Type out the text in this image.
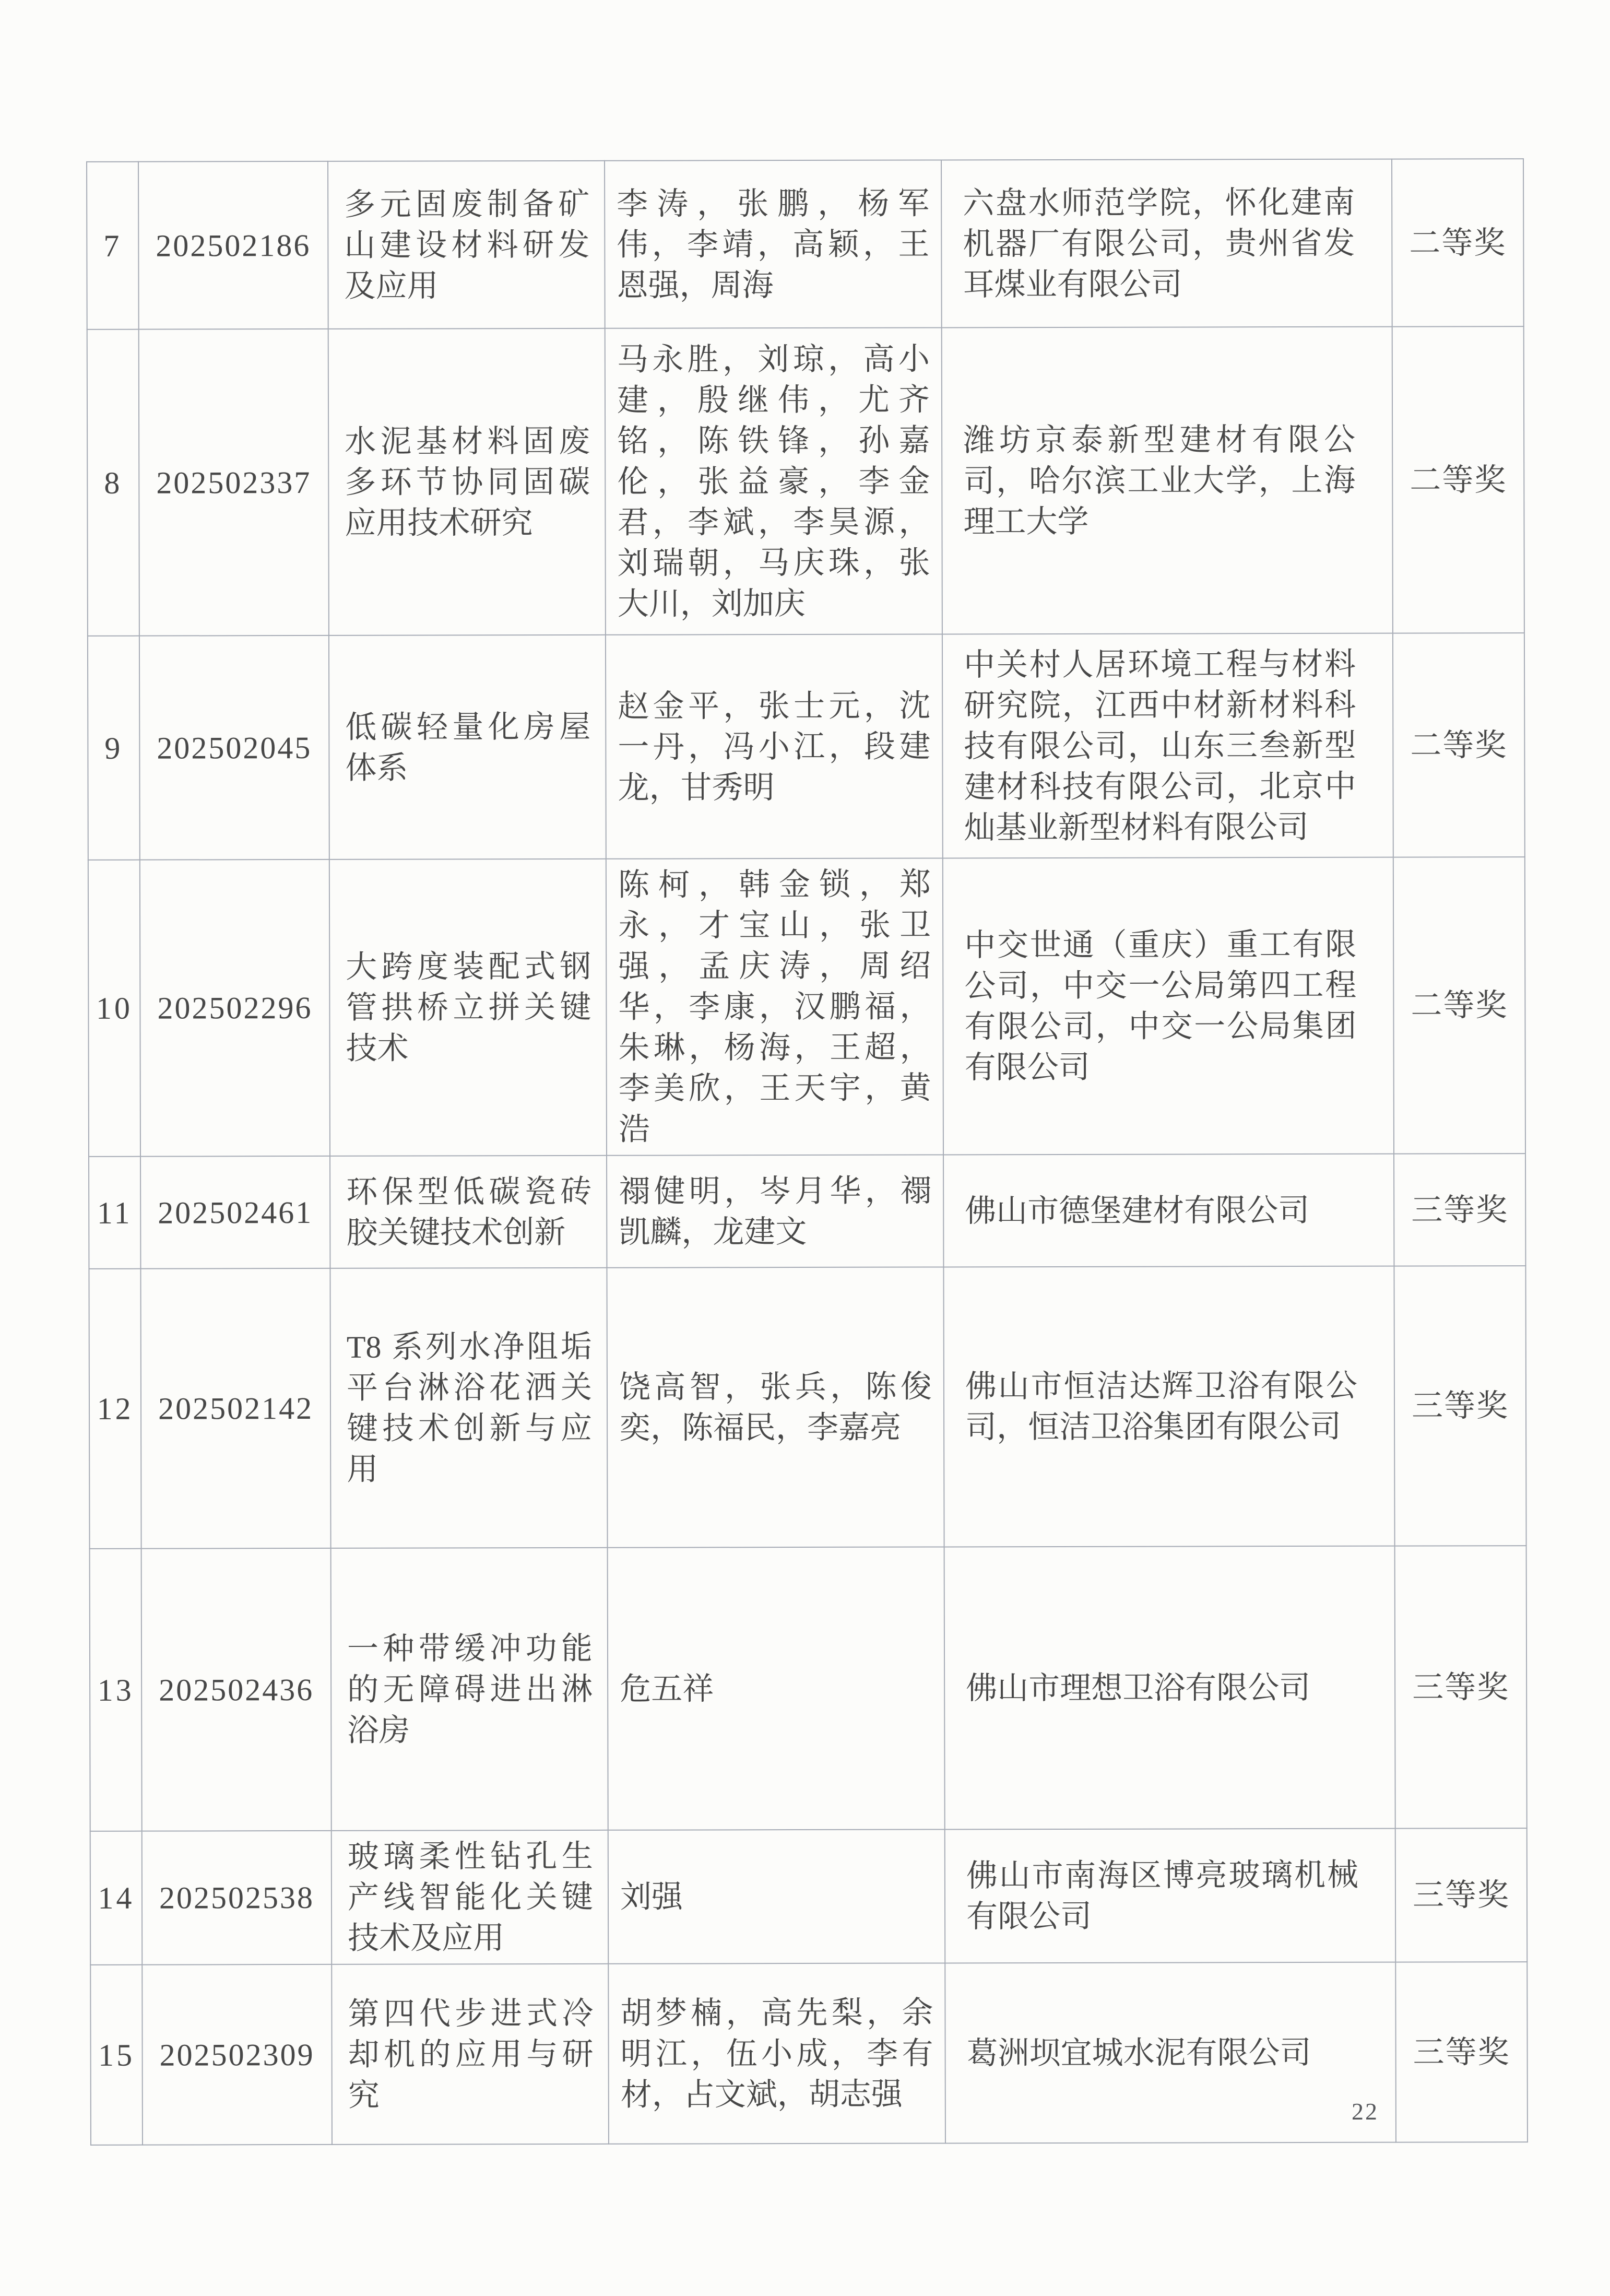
7	202502186	多元固废制备矿山建设材料研发及应用	李涛，张鹏，杨军伟，李靖，高颖，王恩强，周海	六盘水师范学院，怀化建南机器厂有限公司，贵州省发耳煤业有限公司	二等奖
8	202502337	水泥基材料固废多环节协同固碳应用技术研究	马永胜，刘琼，高小建，殷继伟，尤齐铭，陈铁锋，孙嘉伦，张益豪，李金君，李斌，李昊源，刘瑞朝，马庆珠，张大川，刘加庆	潍坊京泰新型建材有限公司，哈尔滨工业大学，上海理工大学	二等奖
9	202502045	低碳轻量化房屋体系	赵金平，张士元，沈一丹，冯小江，段建龙，甘秀明	中关村人居环境工程与材料研究院，江西中材新材料科技有限公司，山东三叁新型建材科技有限公司，北京中灿基业新型材料有限公司	二等奖
10	202502296	大跨度装配式钢管拱桥立拼关键技术	陈柯，韩金锁，郑永，才宝山，张卫强，孟庆涛，周绍华，李康，汉鹏福，朱琳，杨海，王超，李美欣，王天宇，黄浩	中交世通（重庆）重工有限公司，中交一公局第四工程有限公司，中交一公局集团有限公司	二等奖
11	202502461	环保型低碳瓷砖胶关键技术创新	禤健明，岑月华，禤凯麟，龙建文	佛山市德堡建材有限公司	三等奖
12	202502142	T8 系列水净阻垢平台淋浴花洒关键技术创新与应用	饶高智，张兵，陈俊奕，陈福民，李嘉亮	佛山市恒洁达辉卫浴有限公司，恒洁卫浴集团有限公司	三等奖
13	202502436	一种带缓冲功能的无障碍进出淋浴房	危五祥	佛山市理想卫浴有限公司	三等奖
14	202502538	玻璃柔性钻孔生产线智能化关键技术及应用	刘强	佛山市南海区博亮玻璃机械有限公司	三等奖
15	202502309	第四代步进式冷却机的应用与研究	胡梦楠，高先梨，余明江，伍小成，李有材，占文斌，胡志强	葛洲坝宜城水泥有限公司	三等奖
22
